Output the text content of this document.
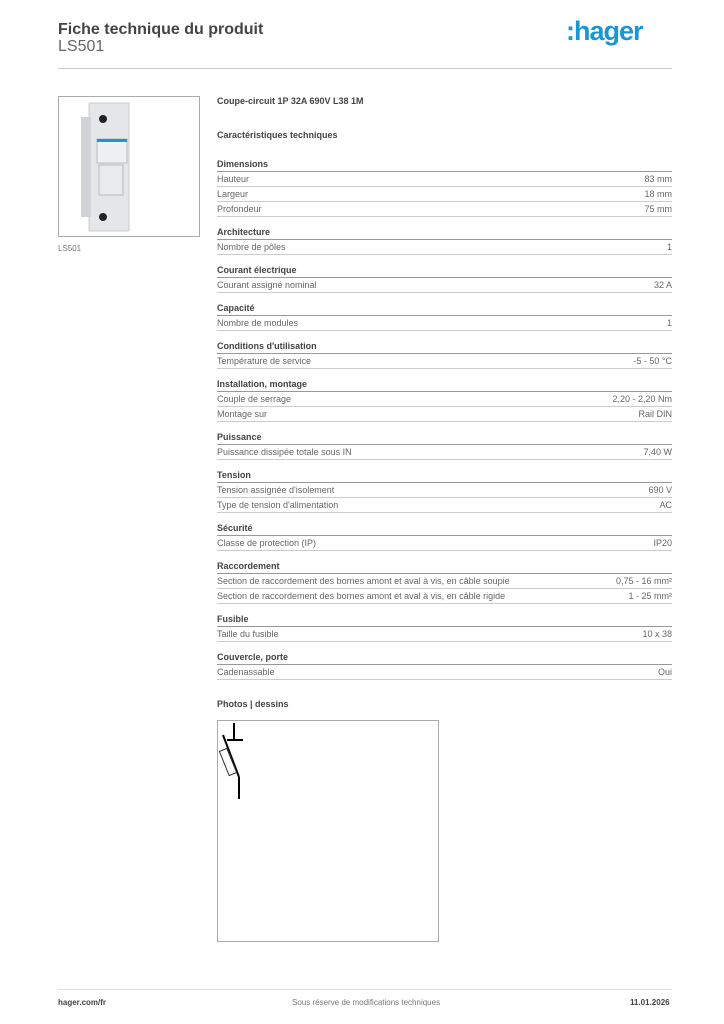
Fiche technique du produit
LS501
:hager
LS501
Coupe-circuit 1P 32A 690V L38 1M
Caractéristiques techniques
Dimensions
Hauteur	83 mm
Largeur	18 mm
Profondeur	75 mm
Architecture
Nombre de pôles	1
Courant électrique
Courant assigné nominal	32 A
Capacité
Nombre de modules	1
Conditions d'utilisation
Température de service	-5 - 50 °C
Installation, montage
Couple de serrage	2,20 - 2,20 Nm
Montage sur	Rail DIN
Puissance
Puissance dissipée totale sous IN	7,40 W
Tension
Tension assignée d'isolement	690 V
Type de tension d'alimentation	AC
Sécurité
Classe de protection (IP)	IP20
Raccordement
Section de raccordement des bornes amont et aval à vis, en câble soupie	0,75 - 16 mm²
Section de raccordement des bornes amont et aval à vis, en câble rigide	1 - 25 mm²
Fusible
Taille du fusible	10 x 38
Couvercle, porte
Cadenassable	Oui
Photos | dessins
hager.com/fr	Sous réserve de modifications techniques	11.01.2026
